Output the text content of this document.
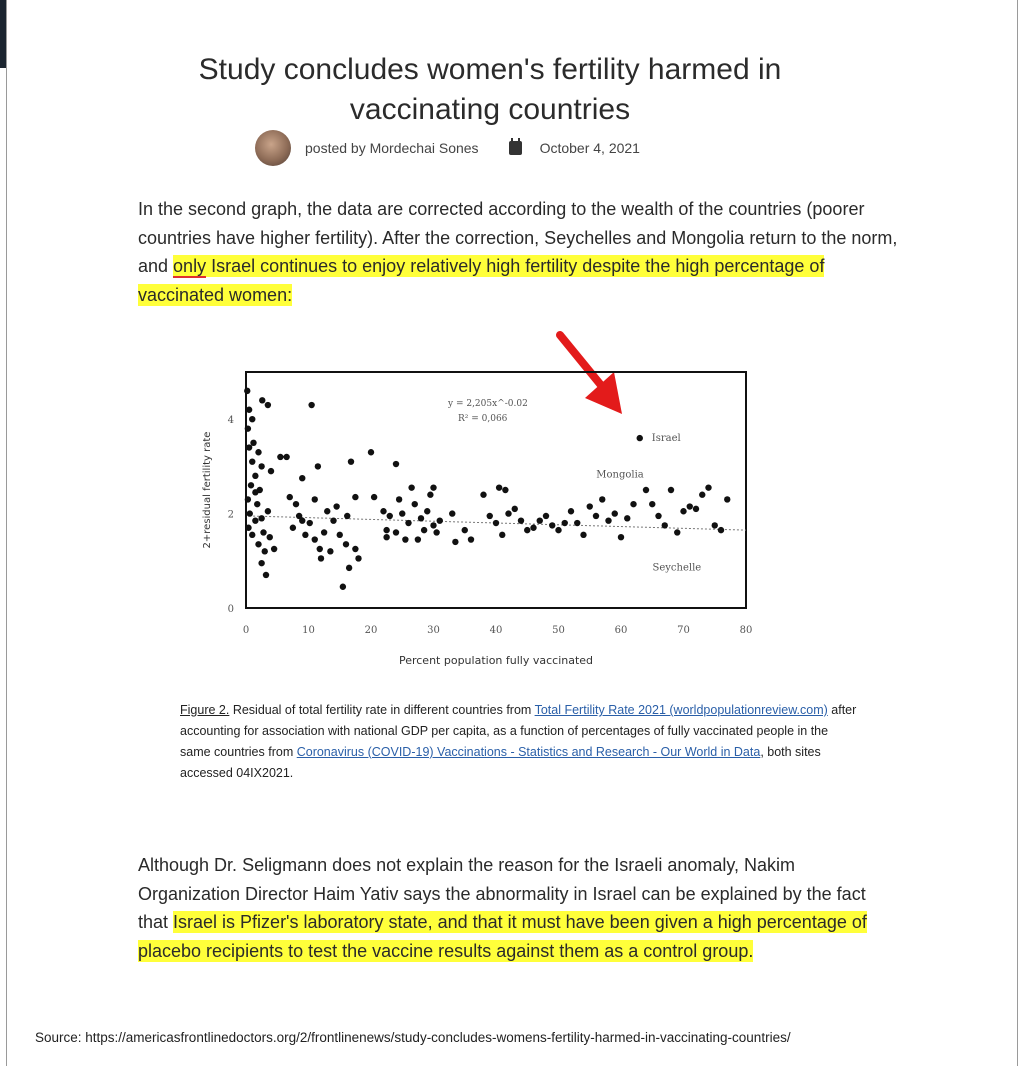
Study concludes women's fertility harmed in vaccinating countries
posted by Mordechai Sones	October 4, 2021

In the second graph, the data are corrected according to the wealth of the countries (poorer countries have higher fertility). After the correction, Seychelles and Mongolia return to the norm, and only Israel continues to enjoy relatively high fertility despite the high percentage of vaccinated women:

0
2
4
0	10	20	30	40	50	60	70	80
Israel
Mongolia
Seychelle
y = 2,205x^-0.02
R² = 0,066
Percent population fully vaccinated
2+residual fertility rate
Figure 2. Residual of total fertility rate in different countries from Total Fertility Rate 2021 (worldpopulationreview.com) after accounting for association with national GDP per capita, as a function of percentages of fully vaccinated people in the same countries from Coronavirus (COVID-19) Vaccinations - Statistics and Research - Our World in Data, both sites accessed 04IX2021.

Although Dr. Seligmann does not explain the reason for the Israeli anomaly, Nakim Organization Director Haim Yativ says the abnormality in Israel can be explained by the fact that Israel is Pfizer's laboratory state, and that it must have been given a high percentage of placebo recipients to test the vaccine results against them as a control group.

Source: https://americasfrontlinedoctors.org/2/frontlinenews/study-concludes-womens-fertility-harmed-in-vaccinating-countries/
